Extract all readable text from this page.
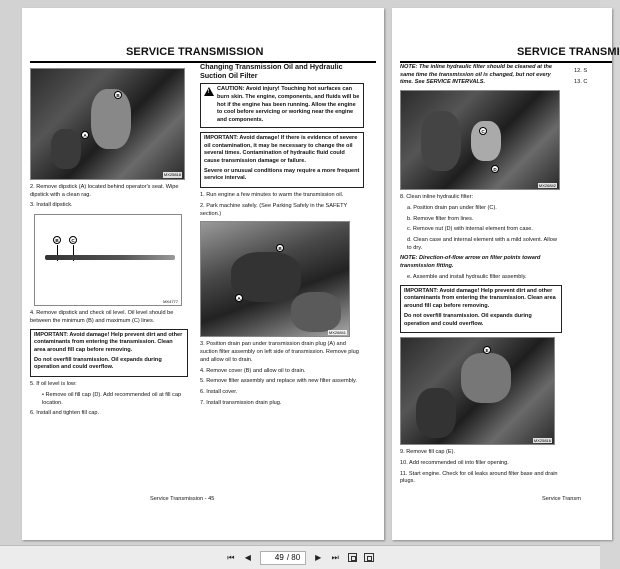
SERVICE TRANSMISSION
B
A
MX25818

2. Remove dipstick (A) located behind operator's seat. Wipe dipstick with a clean rag.

3. Install dipstick.

B	C
MX4777

4. Remove dipstick and check oil level. Oil level should be between the minimum (B) and maximum (C) lines.

IMPORTANT: Avoid damage! Help prevent dirt and other contaminants from entering the transmission. Clean area around fill cap before removing.

Do not overfill transmission. Oil expands during operation and could overflow.

5. If oil level is low:

• Remove oil fill cap (D). Add recommended oil at fill cap location.

6. Install and tighten fill cap.

Changing Transmission Oil and Hydraulic Suction Oil Filter
!
CAUTION: Avoid injury! Touching hot surfaces can burn skin. The engine, components, and fluids will be hot if the engine has been running. Allow the engine to cool before servicing or working near the engine and components.

IMPORTANT: Avoid damage! If there is evidence of severe oil contamination, it may be necessary to change the oil several times. Contamination of hydraulic fluid could cause transmission damage or failure.

Severe or unusual conditions may require a more frequent service interval.

1. Run engine a few minutes to warm the transmission oil.

2. Park machine safely. (See Parking Safely in the SAFETY section.)

B
A
MX26841

3. Position drain pan under transmission drain plug (A) and suction filter assembly on left side of transmission. Remove plug and allow oil to drain.

4. Remove cover (B) and allow oil to drain.

5. Remove filter assembly and replace with new filter assembly.

6. Install cover.

7. Install transmission drain plug.

Service Transmission - 45
SERVICE TRANSMI

NOTE: The inline hydraulic filter should be cleaned at the same time the transmission oil is changed, but not every time. See SERVICE INTERVALS.

C
D
MX26842

8. Clean inline hydraulic filter:

a. Position drain pan under filter (C).

b. Remove filter from lines.

c. Remove nut (D) with internal element from case.

d. Clean case and internal element with a mild solvent. Allow to dry.

NOTE: Direction-of-flow arrow on filter points toward transmission fitting.

e. Assemble and install hydraulic filter assembly.

IMPORTANT: Avoid damage! Help prevent dirt and other contaminants from entering the transmission. Clean area around fill cap before removing.

Do not overfill transmission. Oil expands during operation and could overflow.

E
MX25816

9. Remove fill cap (E).

10. Add recommended oil into filler opening.

11. Start engine. Check for oil leaks around filter base and drain plugs.

12. S

13. C

Service Transm
⏮ ◀
49	/ 80 ▶ ⏭
